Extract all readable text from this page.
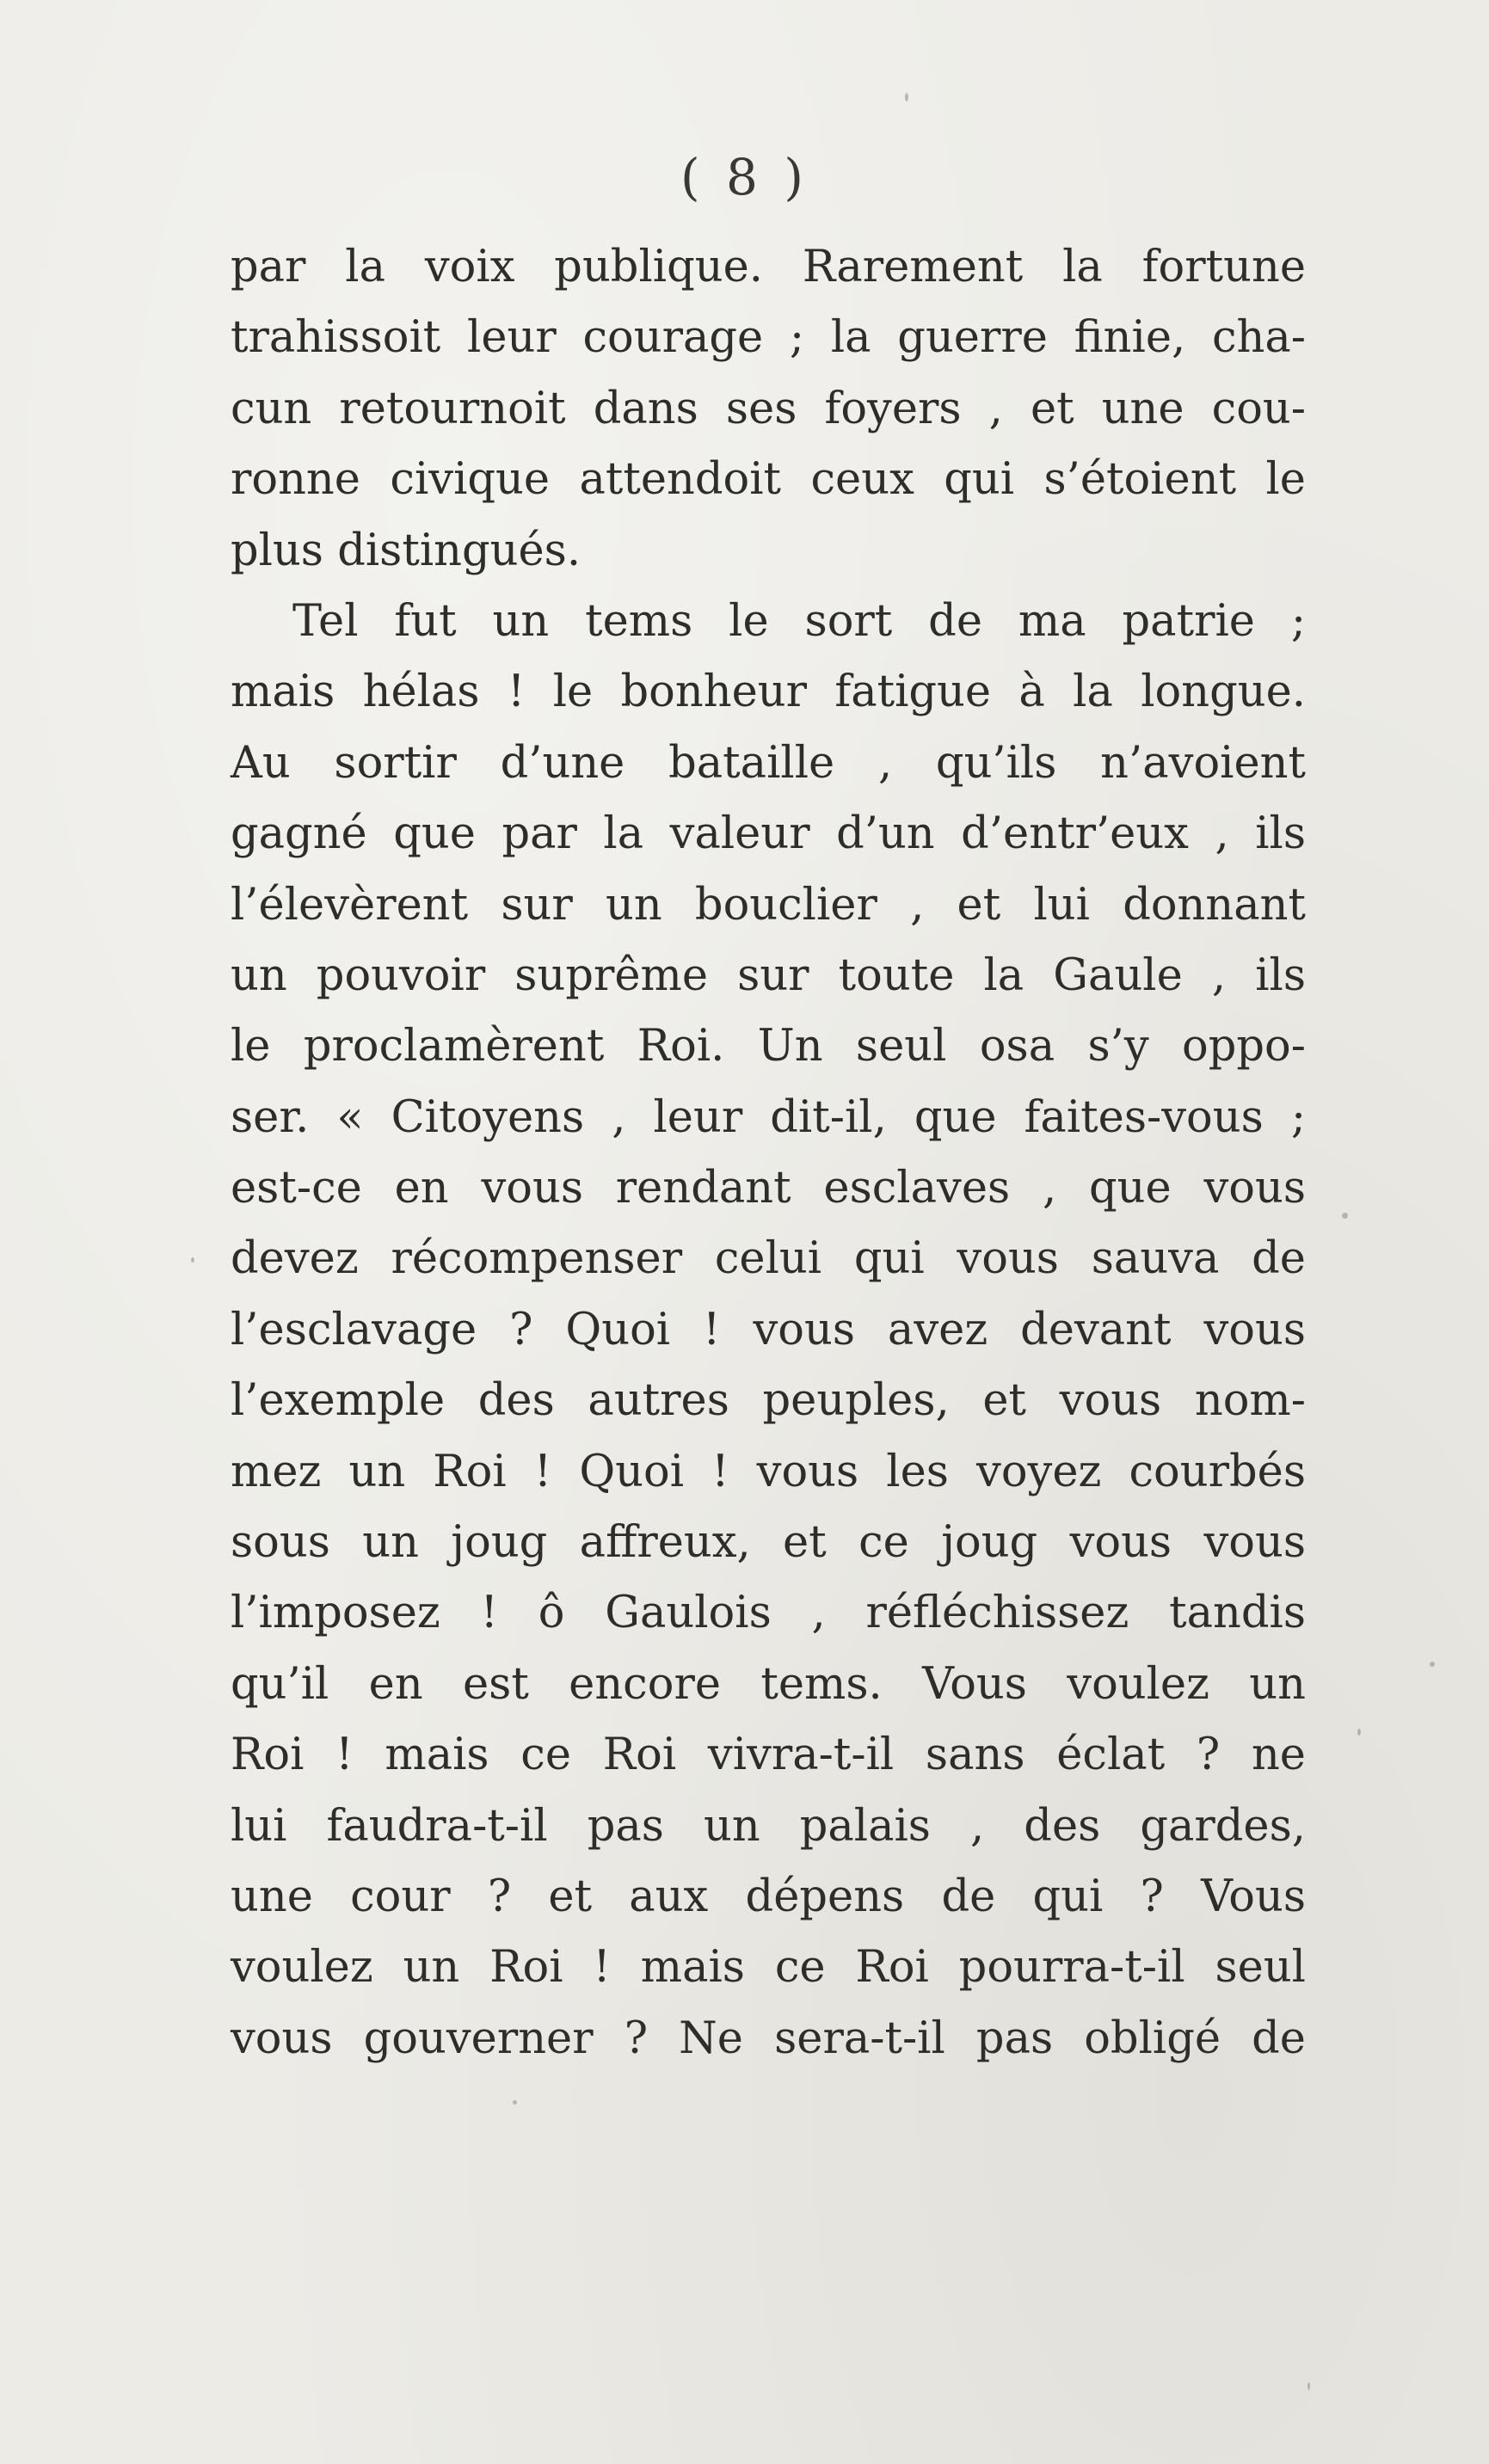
( 8 )
par la voix publique. Rarement la fortune
trahissoit leur courage ; la guerre finie, cha-
cun retournoit dans ses foyers , et une cou-
ronne civique attendoit ceux qui s’étoient le
plus distingués.
Tel fut un tems le sort de ma patrie ;
mais hélas ! le bonheur fatigue à la longue.
Au sortir d’une bataille , qu’ils n’avoient
gagné que par la valeur d’un d’entr’eux , ils
l’élevèrent sur un bouclier , et lui donnant
un pouvoir suprême sur toute la Gaule , ils
le proclamèrent Roi. Un seul osa s’y oppo-
ser. « Citoyens , leur dit-il, que faites-vous ;
est-ce en vous rendant esclaves , que vous
devez récompenser celui qui vous sauva de
l’esclavage ? Quoi ! vous avez devant vous
l’exemple des autres peuples, et vous nom-
mez un Roi ! Quoi ! vous les voyez courbés
sous un joug affreux, et ce joug vous vous
l’imposez ! ô Gaulois , réfléchissez tandis
qu’il en est encore tems. Vous voulez un
Roi ! mais ce Roi vivra-t-il sans éclat ? ne
lui faudra-t-il pas un palais , des gardes,
une cour ? et aux dépens de qui ? Vous
voulez un Roi ! mais ce Roi pourra-t-il seul
vous gouverner ? Ne sera-t-il pas obligé de
